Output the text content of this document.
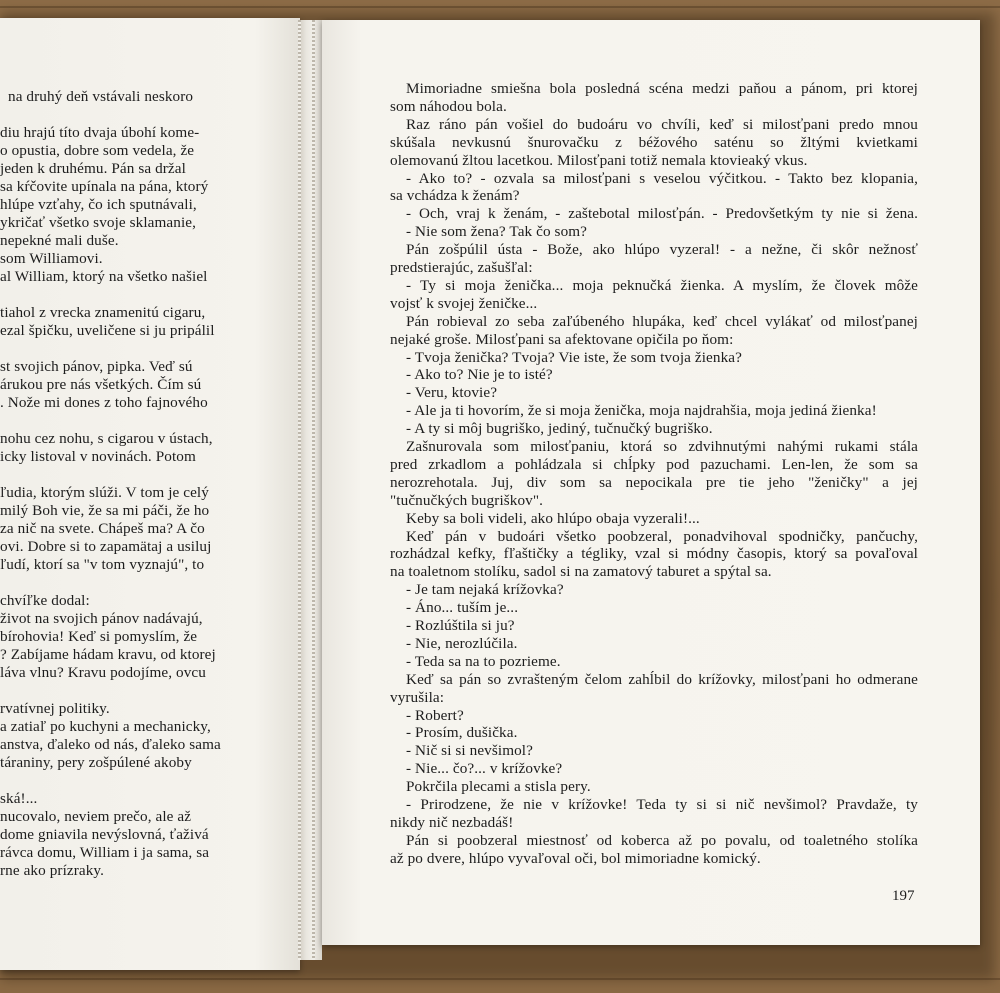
na druhý deň vstávali neskoro
diu hrajú títo dvaja úbohí kome-
o opustia, dobre som vedela, že
jeden k druhému. Pán sa držal
sa kŕčovite upínala na pána, ktorý
hlúpe vzťahy, čo ich sputnávali,
ykričať všetko svoje sklamanie,
nepekné mali duše.
som Williamovi.
al William, ktorý na všetko našiel
tiahol z vrecka znamenitú cigaru,
ezal špičku, uveličene si ju pripálil
st svojich pánov, pipka. Veď sú
árukou pre nás všetkých. Čím sú
. Nože mi dones z toho fajnového
nohu cez nohu, s cigarou v ústach,
icky listoval v novinách. Potom
ľudia, ktorým slúži. V tom je celý
milý Boh vie, že sa mi páči, že ho
za nič na svete. Chápeš ma? A čo
ovi. Dobre si to zapamätaj a usiluj
ľudí, ktorí sa "v tom vyznajú", to
chvíľke dodal:
život na svojich pánov nadávajú,
bírohovia! Keď si pomyslím, že
? Zabíjame hádam kravu, od ktorej
láva vlnu? Kravu podojíme, ovcu
rvatívnej politiky.
a zatiaľ po kuchyni a mechanicky,
anstva, ďaleko od nás, ďaleko sama
táraniny, pery zošpúlené akoby
ská!...
nucovalo, neviem prečo, ale až
dome gniavila nevýslovná, ťaživá
rávca domu, William i ja sama, sa
rne ako prízraky.
Mimoriadne smiešna bola posledná scéna medzi paňou a pánom, pri ktorej
som náhodou bola.
Raz ráno pán vošiel do budoáru vo chvíli, keď si milosťpani predo mnou
skúšala nevkusnú šnurovačku z béžového saténu so žltými kvietkami
olemovanú žltou lacetkou. Milosťpani totiž nemala ktovieaký vkus.
- Ako to? - ozvala sa milosťpani s veselou výčitkou. - Takto bez klopania,
sa vchádza k ženám?
- Och, vraj k ženám, - zaštebotal milosťpán. - Predovšetkým ty nie si žena.
- Nie som žena? Tak čo som?
Pán zošpúlil ústa - Bože, ako hlúpo vyzeral! - a nežne, či skôr nežnosť
predstierajúc, zašušľal:
- Ty si moja ženička... moja peknučká žienka. A myslím, že človek môže
vojsť k svojej ženičke...
Pán robieval zo seba zaľúbeného hlupáka, keď chcel vylákať od milosťpanej
nejaké groše. Milosťpani sa afektovane opičila po ňom:
- Tvoja ženička? Tvoja? Vie iste, že som tvoja žienka?
- Ako to? Nie je to isté?
- Veru, ktovie?
- Ale ja ti hovorím, že si moja ženička, moja najdrahšia, moja jediná žienka!
- A ty si môj bugriško, jediný, tučnučký bugriško.
Zašnurovala som milosťpaniu, ktorá so zdvihnutými nahými rukami stála
pred zrkadlom a pohládzala si chĺpky pod pazuchami. Len-len, že som sa
nerozrehotala. Juj, div som sa nepocikala pre tie jeho "ženičky" a jej
"tučnučkých bugriškov".
Keby sa boli videli, ako hlúpo obaja vyzerali!...
Keď pán v budoári všetko poobzeral, ponadvihoval spodničky, pančuchy,
rozhádzal kefky, fľaštičky a tégliky, vzal si módny časopis, ktorý sa povaľoval
na toaletnom stolíku, sadol si na zamatový taburet a spýtal sa.
- Je tam nejaká krížovka?
- Áno... tuším je...
- Rozlúštila si ju?
- Nie, nerozlúčila.
- Teda sa na to pozrieme.
Keď sa pán so zvrašteným čelom zahĺbil do krížovky, milosťpani ho odmerane
vyrušila:
- Robert?
- Prosím, dušička.
- Nič si si nevšimol?
- Nie... čo?... v krížovke?
Pokrčila plecami a stisla pery.
- Prirodzene, že nie v krížovke! Teda ty si si nič nevšimol? Pravdaže, ty
nikdy nič nezbadáš!
Pán si poobzeral miestnosť od koberca až po povalu, od toaletného stolíka
až po dvere, hlúpo vyvaľoval oči, bol mimoriadne komický.
197
